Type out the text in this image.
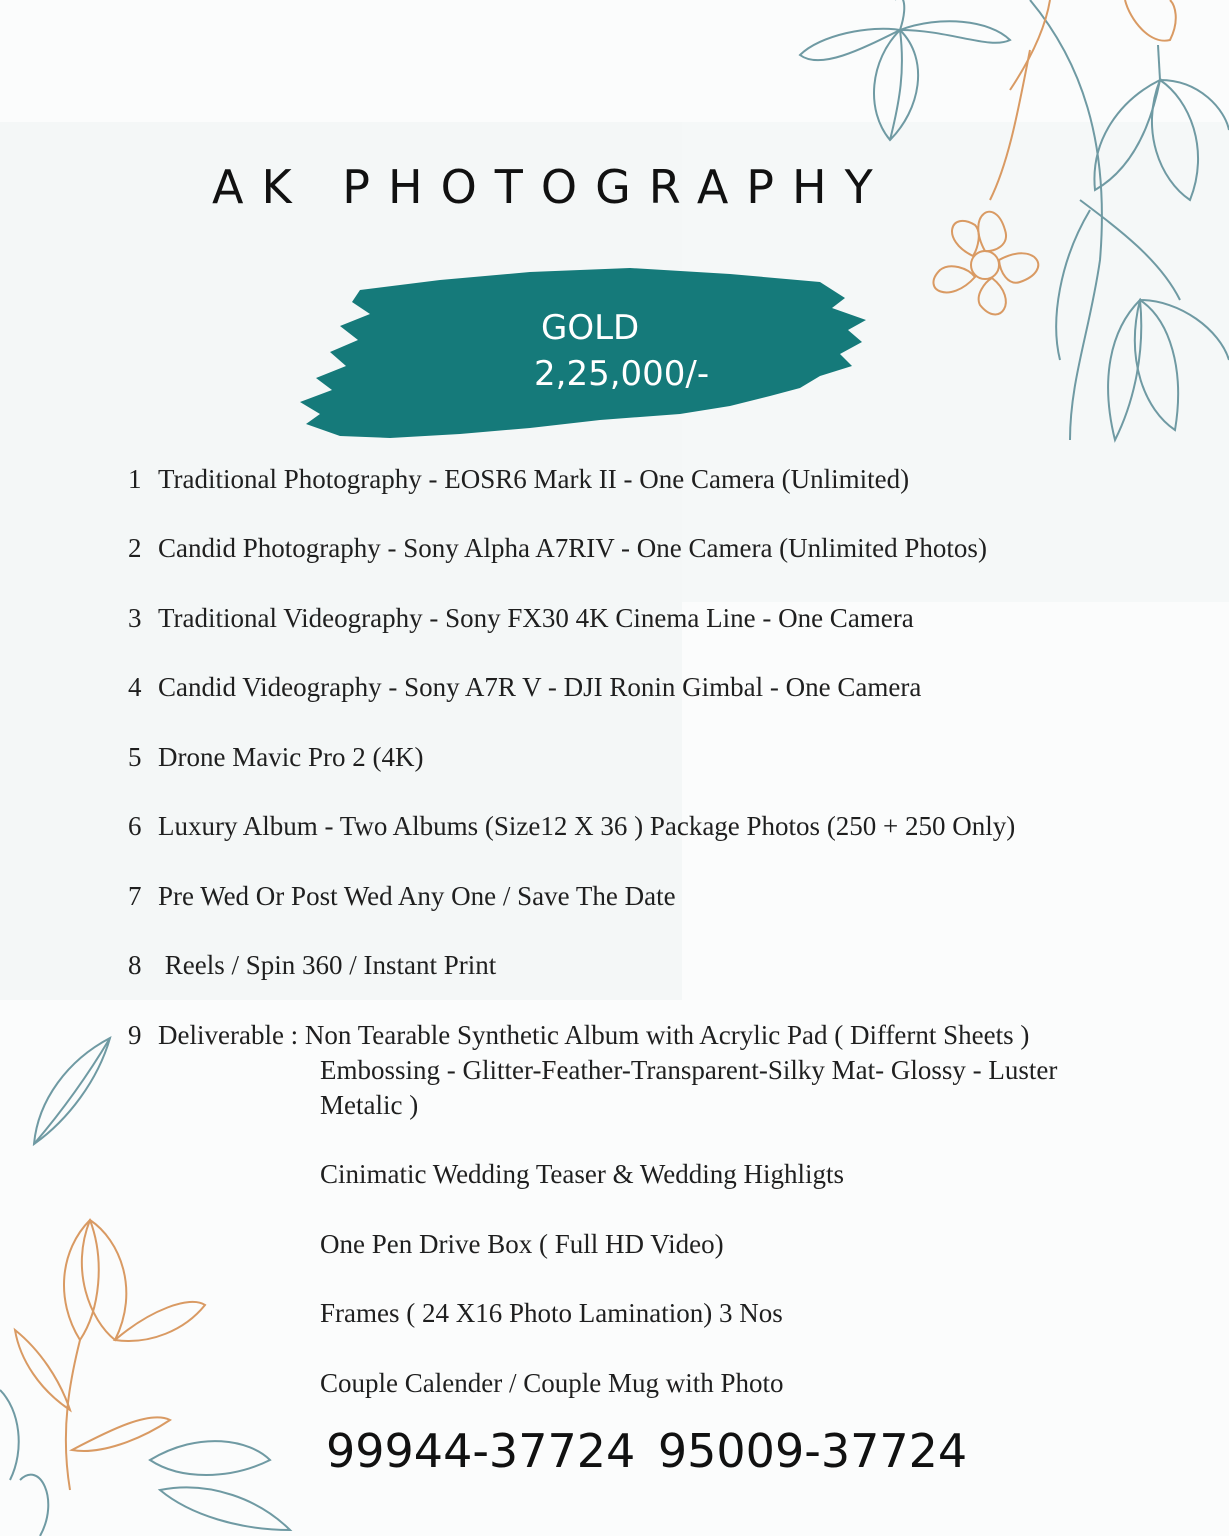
AK PHOTOGRAPHY
GOLD
2,25,000/-
1 Traditional Photography - EOSR6 Mark II - One Camera (Unlimited)
2 Candid Photography - Sony Alpha A7RIV - One Camera (Unlimited Photos)
3 Traditional Videography - Sony FX30 4K Cinema Line - One Camera
4 Candid Videography - Sony A7R V - DJI Ronin Gimbal - One Camera
5 Drone Mavic Pro 2 (4K)
6 Luxury Album - Two Albums (Size12 X 36 ) Package Photos (250 + 250 Only)
7 Pre Wed Or Post Wed Any One / Save The Date
8 Reels / Spin 360 / Instant Print
9 Deliverable : Non Tearable Synthetic Album with Acrylic Pad ( Differnt Sheets )
Embossing - Glitter-Feather-Transparent-Silky Mat- Glossy - Luster
Metalic )
Cinimatic Wedding Teaser & Wedding Highligts
One Pen Drive Box ( Full HD Video)
Frames ( 24 X16 Photo Lamination) 3 Nos
Couple Calender / Couple Mug with Photo
99944-37724 95009-37724
